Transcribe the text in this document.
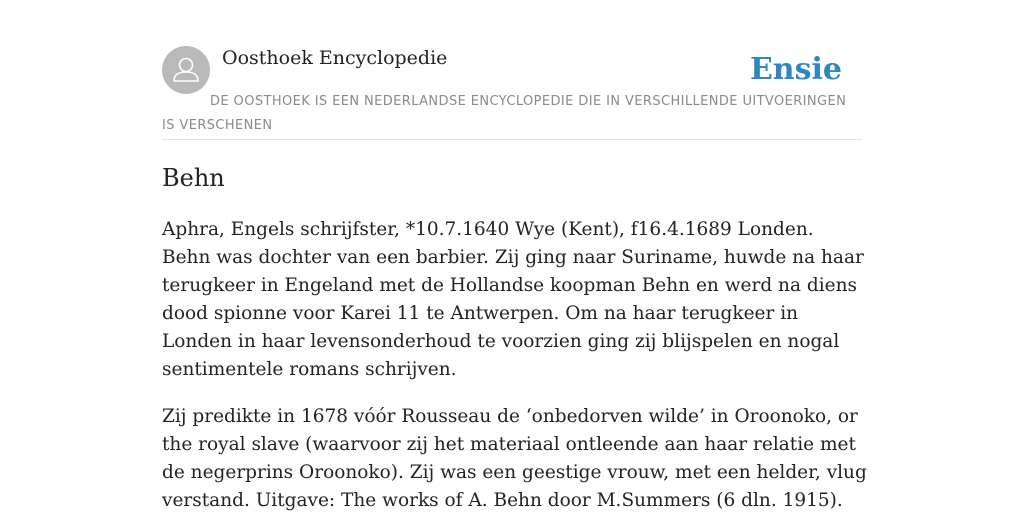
Oosthoek Encyclopedie	Ensie
DE OOSTHOEK IS EEN NEDERLANDSE ENCYCLOPEDIE DIE IN VERSCHILLENDE UITVOERINGEN IS VERSCHENEN
Behn

Aphra, Engels schrijfster, *10.7.1640 Wye (Kent), f16.4.1689 Londen. Behn was dochter van een barbier. Zij ging naar Suriname, huwde na haar terugkeer in Engeland met de Hollandse koopman Behn en werd na diens dood spionne voor Karei 11 te Antwerpen. Om na haar terugkeer in Londen in haar levensonderhoud te voorzien ging zij blijspelen en nogal sentimentele romans schrijven.

Zij predikte in 1678 vóór Rousseau de ‘onbedorven wilde’ in Oroonoko, or the royal slave (waarvoor zij het materiaal ontleende aan haar relatie met de negerprins Oroonoko). Zij was een geestige vrouw, met een helder, vlug verstand. Uitgave: The works of A. Behn door M.Summers (6 dln. 1915).
